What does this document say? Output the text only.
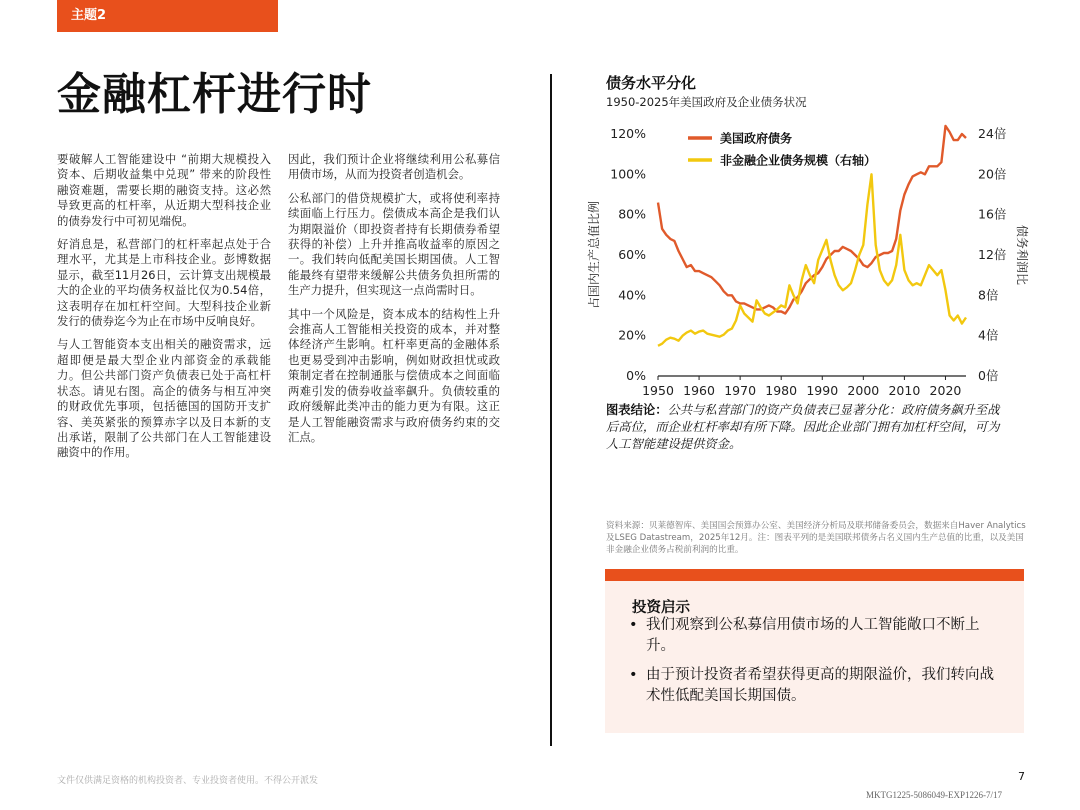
主题2
金融杠杆进行时

要破解人工智能建设中 “前期大规模投入资本、后期收益集中兑现” 带来的阶段性融资难题，需要长期的融资支持。这必然导致更高的杠杆率，从近期大型科技企业的债券发行中可初见端倪。

好消息是，私营部门的杠杆率起点处于合理水平，尤其是上市科技企业。彭博数据显示，截至11月26日，云计算支出规模最大的企业的平均债务权益比仅为0.54倍，这表明存在加杠杆空间。大型科技企业新发行的债券迄今为止在市场中反响良好。

与人工智能资本支出相关的融资需求，远超即便是最大型企业内部资金的承载能力。但公共部门资产负债表已处于高杠杆状态。请见右图。高企的债务与相互冲突的财政优先事项，包括德国的国防开支扩容、美英紧张的预算赤字以及日本新的支出承诺，限制了公共部门在人工智能建设融资中的作用。

因此，我们预计企业将继续利用公私募信用债市场，从而为投资者创造机会。

公私部门的借贷规模扩大，或将使利率持续面临上行压力。偿债成本高企是我们认为期限溢价（即投资者持有长期债券希望获得的补偿）上升并推高收益率的原因之一。我们转向低配美国长期国债。人工智能最终有望带来缓解公共债务负担所需的生产力提升，但实现这一点尚需时日。

其中一个风险是，资本成本的结构性上升会推高人工智能相关投资的成本，并对整体经济产生影响。杠杆率更高的金融体系也更易受到冲击影响，例如财政担忧或政策制定者在控制通胀与偿债成本之间面临两难引发的债券收益率飙升。负债较重的政府缓解此类冲击的能力更为有限。这正是人工智能融资需求与政府债务约束的交汇点。

债务水平分化
1950-2025年美国政府及企业债务状况
0%
20%
40%
60%
80%
100%
120%
0倍
4倍
8倍
12倍
16倍
20倍
24倍
1950 1960 1970 1980 1990 2000 2010 2020
占国内生产总值比例	债务利润比
美国政府债务
非金融企业债务规模（右轴）
图表结论：公共与私营部门的资产负债表已显著分化：政府债务飙升至战后高位，而企业杠杆率却有所下降。因此企业部门拥有加杠杆空间，可为人工智能建设提供资金。
资料来源：贝莱德智库、美国国会预算办公室、美国经济分析局及联邦储备委员会，数据来自Haver Analytics及LSEG Datastream，2025年12月。注：图表平列的是美国联邦债务占名义国内生产总值的比重，以及美国非金融企业债务占税前利润的比重。
投资启示
• 我们观察到公私募信用债市场的人工智能敞口不断上升。
• 由于预计投资者希望获得更高的期限溢价，我们转向战术性低配美国长期国债。
文件仅供满足资格的机构投资者、专业投资者使用。不得公开派发	7
MKTG1225-5086049-EXP1226-7/17
